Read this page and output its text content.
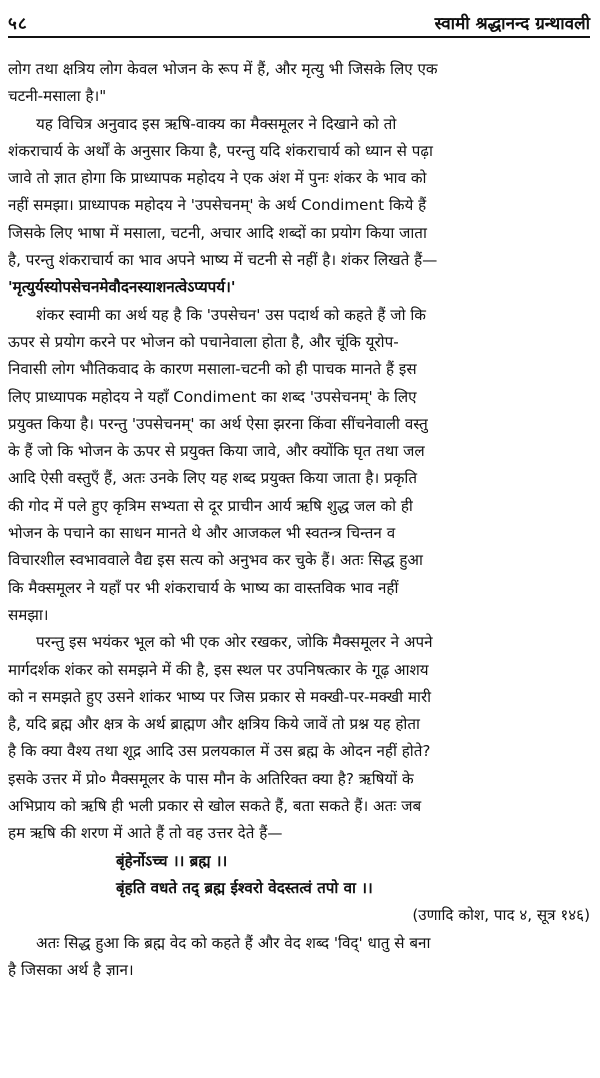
५८	स्वामी श्रद्धानन्द ग्रन्थावली

लोग तथा क्षत्रिय लोग केवल भोजन के रूप में हैं, और मृत्यु भी जिसके लिए एक
चटनी-मसाला है।"

यह विचित्र अनुवाद इस ऋषि-वाक्य का मैक्समूलर ने दिखाने को तो
शंकराचार्य के अर्थों के अनुसार किया है, परन्तु यदि शंकराचार्य को ध्यान से पढ़ा
जावे तो ज्ञात होगा कि प्राध्यापक महोदय ने एक अंश में पुनः शंकर के भाव को
नहीं समझा। प्राध्यापक महोदय ने 'उपसेचनम्' के अर्थ Condiment किये हैं
जिसके लिए भाषा में मसाला, चटनी, अचार आदि शब्दों का प्रयोग किया जाता
है, परन्तु शंकराचार्य का भाव अपने भाष्य में चटनी से नहीं है। शंकर लिखते हैं—
'मृत्युर्यस्योपसेचनमेवौदनस्याशनत्वेऽप्यपर्य।'

शंकर स्वामी का अर्थ यह है कि 'उपसेचन' उस पदार्थ को कहते हैं जो कि
ऊपर से प्रयोग करने पर भोजन को पचानेवाला होता है, और चूंकि यूरोप-
निवासी लोग भौतिकवाद के कारण मसाला-चटनी को ही पाचक मानते हैं इस
लिए प्राध्यापक महोदय ने यहाँ Condiment का शब्द 'उपसेचनम्' के लिए
प्रयुक्त किया है। परन्तु 'उपसेचनम्' का अर्थ ऐसा झरना किंवा सींचनेवाली वस्तु
के हैं जो कि भोजन के ऊपर से प्रयुक्त किया जावे, और क्योंकि घृत तथा जल
आदि ऐसी वस्तुएँ हैं, अतः उनके लिए यह शब्द प्रयुक्त किया जाता है। प्रकृति
की गोद में पले हुए कृत्रिम सभ्यता से दूर प्राचीन आर्य ऋषि शुद्ध जल को ही
भोजन के पचाने का साधन मानते थे और आजकल भी स्वतन्त्र चिन्तन व
विचारशील स्वभाववाले वैद्य इस सत्य को अनुभव कर चुके हैं। अतः सिद्ध हुआ
कि मैक्समूलर ने यहाँ पर भी शंकराचार्य के भाष्य का वास्तविक भाव नहीं
समझा।

परन्तु इस भयंकर भूल को भी एक ओर रखकर, जोकि मैक्समूलर ने अपने
मार्गदर्शक शंकर को समझने में की है, इस स्थल पर उपनिषत्कार के गूढ़ आशय
को न समझते हुए उसने शांकर भाष्य पर जिस प्रकार से मक्खी-पर-मक्खी मारी
है, यदि ब्रह्म और क्षत्र के अर्थ ब्राह्मण और क्षत्रिय किये जावें तो प्रश्न यह होता
है कि क्या वैश्य तथा शूद्र आदि उस प्रलयकाल में उस ब्रह्म के ओदन नहीं होते?
इसके उत्तर में प्रो० मैक्समूलर के पास मौन के अतिरिक्त क्या है? ऋषियों के
अभिप्राय को ऋषि ही भली प्रकार से खोल सकते हैं, बता सकते हैं। अतः जब
हम ऋषि की शरण में आते हैं तो वह उत्तर देते हैं—

बृंहेर्नोऽच्च ।। ब्रह्म ।।
बृंहति वधते तद् ब्रह्म ईश्वरो वेदस्तत्वं तपो वा ।।
(उणादि कोश, पाद ४, सूत्र १४६)

अतः सिद्ध हुआ कि ब्रह्म वेद को कहते हैं और वेद शब्द 'विद्' धातु से बना
है जिसका अर्थ है ज्ञान।
